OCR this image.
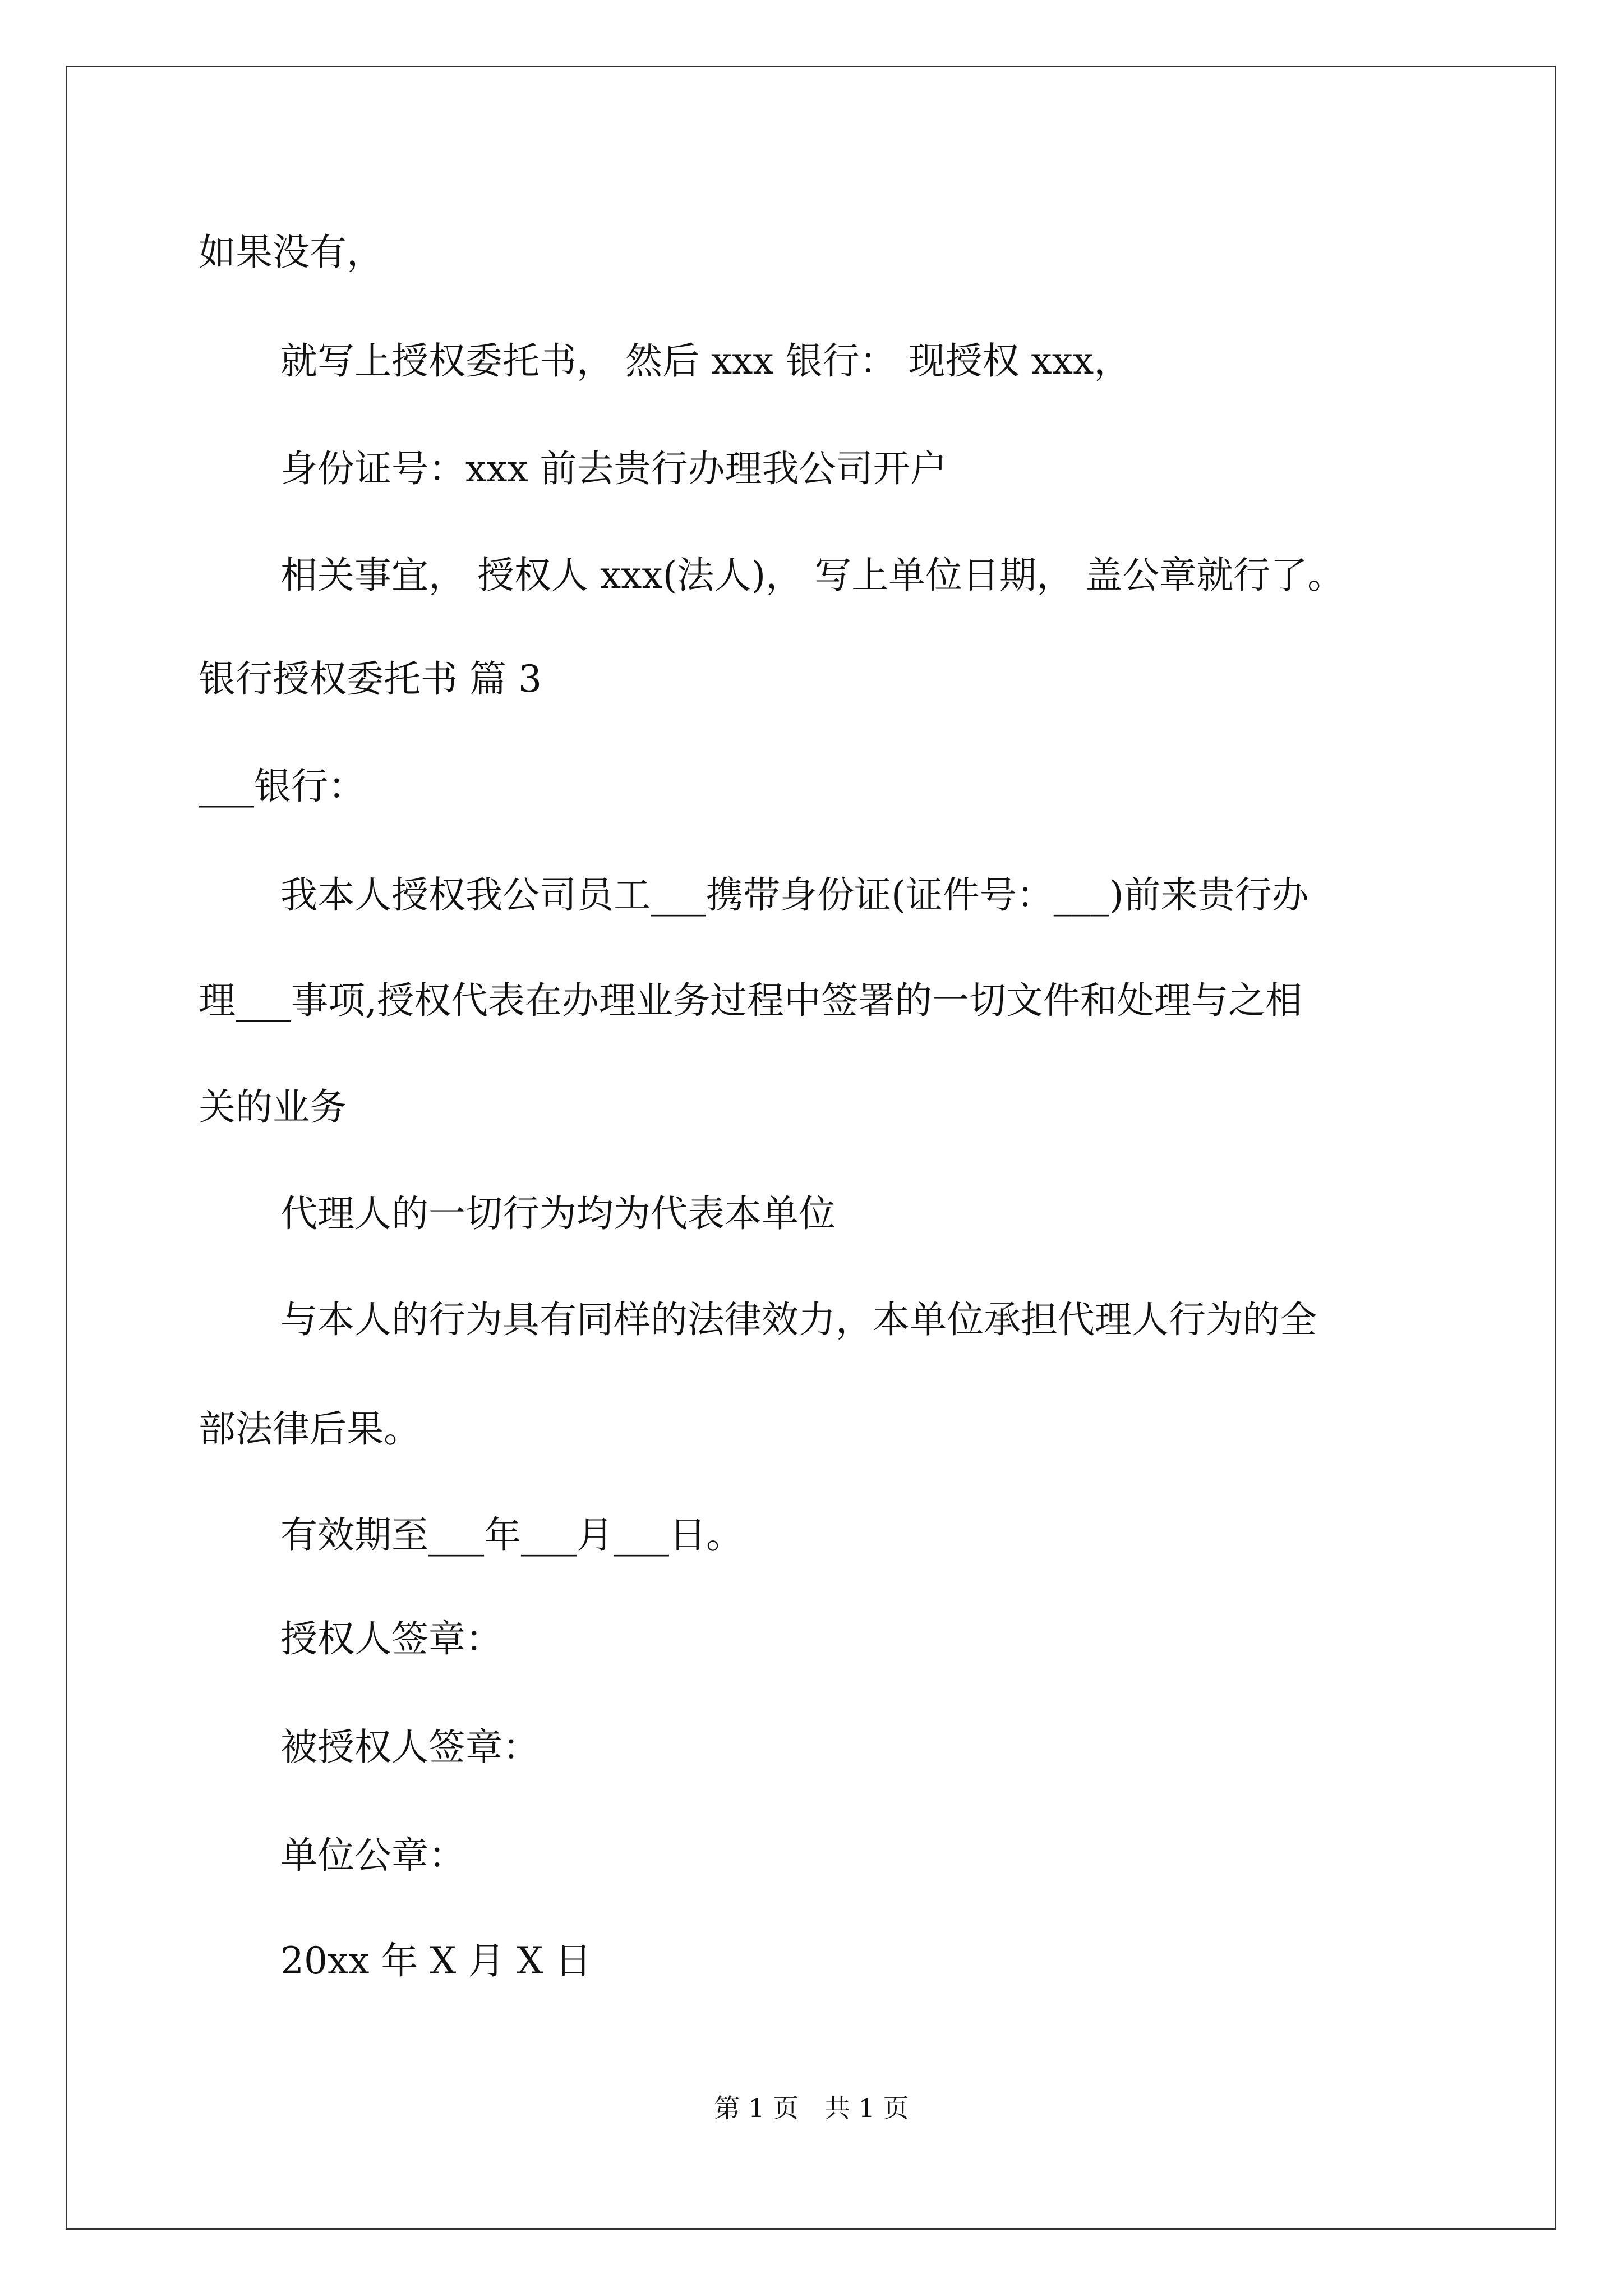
如果没有，
就写上授权委托书， 然后 xxx 银行： 现授权 xxx，
身份证号：xxx 前去贵行办理我公司开户
相关事宜， 授权人 xxx(法人)， 写上单位日期， 盖公章就行了。
银行授权委托书 篇 3
___银行：
我本人授权我公司员工___携带身份证(证件号：___)前来贵行办
理___事项,授权代表在办理业务过程中签署的一切文件和处理与之相
关的业务
代理人的一切行为均为代表本单位
与本人的行为具有同样的法律效力，本单位承担代理人行为的全
部法律后果。
有效期至___年___月___日。
授权人签章：
被授权人签章：
单位公章：
20xx 年 X 月 X 日
第 1 页　共 1 页
